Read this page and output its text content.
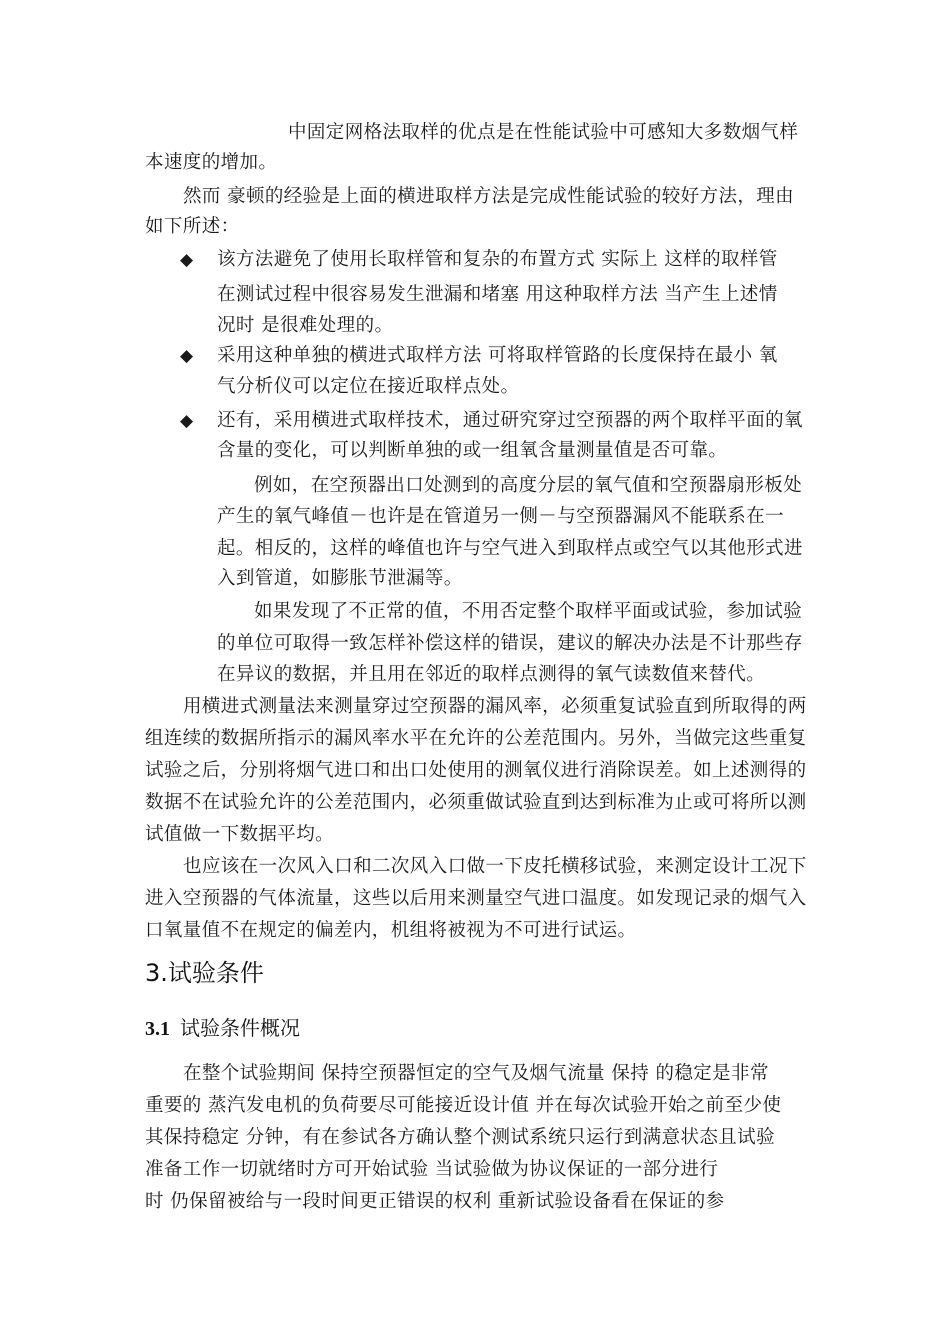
中固定网格法取样的优点是在性能试验中可感知大多数烟气样
本速度的增加。
然而 豪顿的经验是上面的横进取样方法是完成性能试验的较好方法，理由
如下所述：
◆ 该方法避免了使用长取样管和复杂的布置方式 实际上 这样的取样管
在测试过程中很容易发生泄漏和堵塞 用这种取样方法 当产生上述情
况时 是很难处理的。
◆ 采用这种单独的横进式取样方法 可将取样管路的长度保持在最小 氧
气分析仪可以定位在接近取样点处。
◆ 还有，采用横进式取样技术，通过研究穿过空预器的两个取样平面的氧
含量的变化，可以判断单独的或一组氧含量测量值是否可靠。
例如，在空预器出口处测到的高度分层的氧气值和空预器扇形板处
产生的氧气峰值－也许是在管道另一侧－与空预器漏风不能联系在一
起。相反的，这样的峰值也许与空气进入到取样点或空气以其他形式进
入到管道，如膨胀节泄漏等。
如果发现了不正常的值，不用否定整个取样平面或试验，参加试验
的单位可取得一致怎样补偿这样的错误，建议的解决办法是不计那些存
在异议的数据，并且用在邻近的取样点测得的氧气读数值来替代。
用横进式测量法来测量穿过空预器的漏风率，必须重复试验直到所取得的两
组连续的数据所指示的漏风率水平在允许的公差范围内。另外，当做完这些重复
试验之后，分别将烟气进口和出口处使用的测氧仪进行消除误差。如上述测得的
数据不在试验允许的公差范围内，必须重做试验直到达到标准为止或可将所以测
试值做一下数据平均。
也应该在一次风入口和二次风入口做一下皮托横移试验，来测定设计工况下
进入空预器的气体流量，这些以后用来测量空气进口温度。如发现记录的烟气入
口氧量值不在规定的偏差内，机组将被视为不可进行试运。
3.试验条件
3.1 试验条件概况
在整个试验期间 保持空预器恒定的空气及烟气流量 保持 的稳定是非常
重要的 蒸汽发电机的负荷要尽可能接近设计值 并在每次试验开始之前至少使
其保持稳定 分钟，有在参试各方确认整个测试系统只运行到满意状态且试验
准备工作一切就绪时方可开始试验 当试验做为协议保证的一部分进行
时 仍保留被给与一段时间更正错误的权利 重新试验设备看在保证的参
